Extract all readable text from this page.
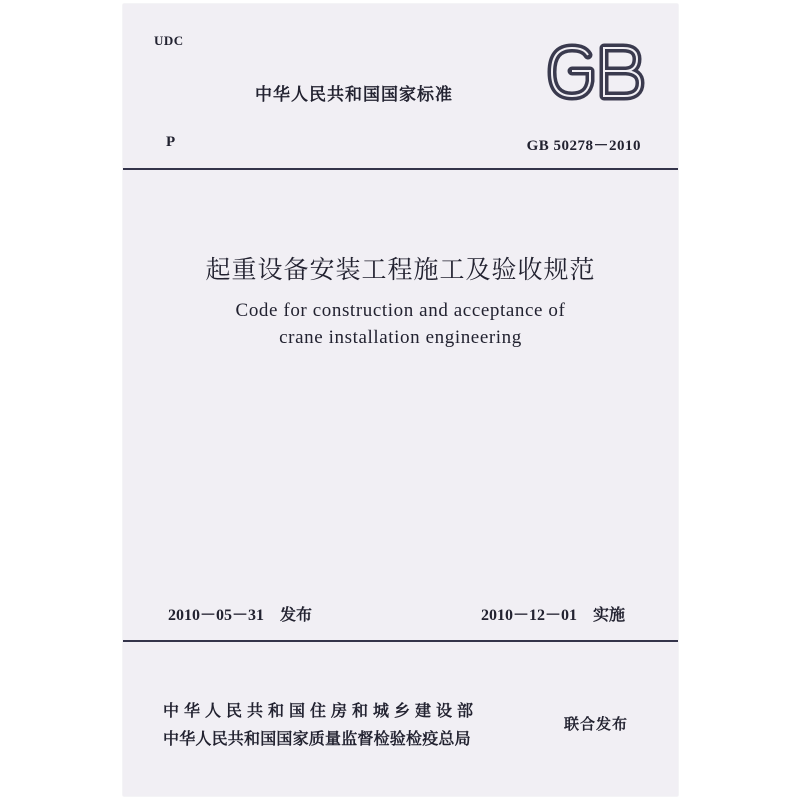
UDC
中华人民共和国国家标准
P	GB 50278－2010
起重设备安装工程施工及验收规范
Code for construction and acceptance of
crane installation engineering
2010－05－31　发布	2010－12－01　实施
中华人民共和国住房和城乡建设部
中华人民共和国国家质量监督检验检疫总局
联合发布
